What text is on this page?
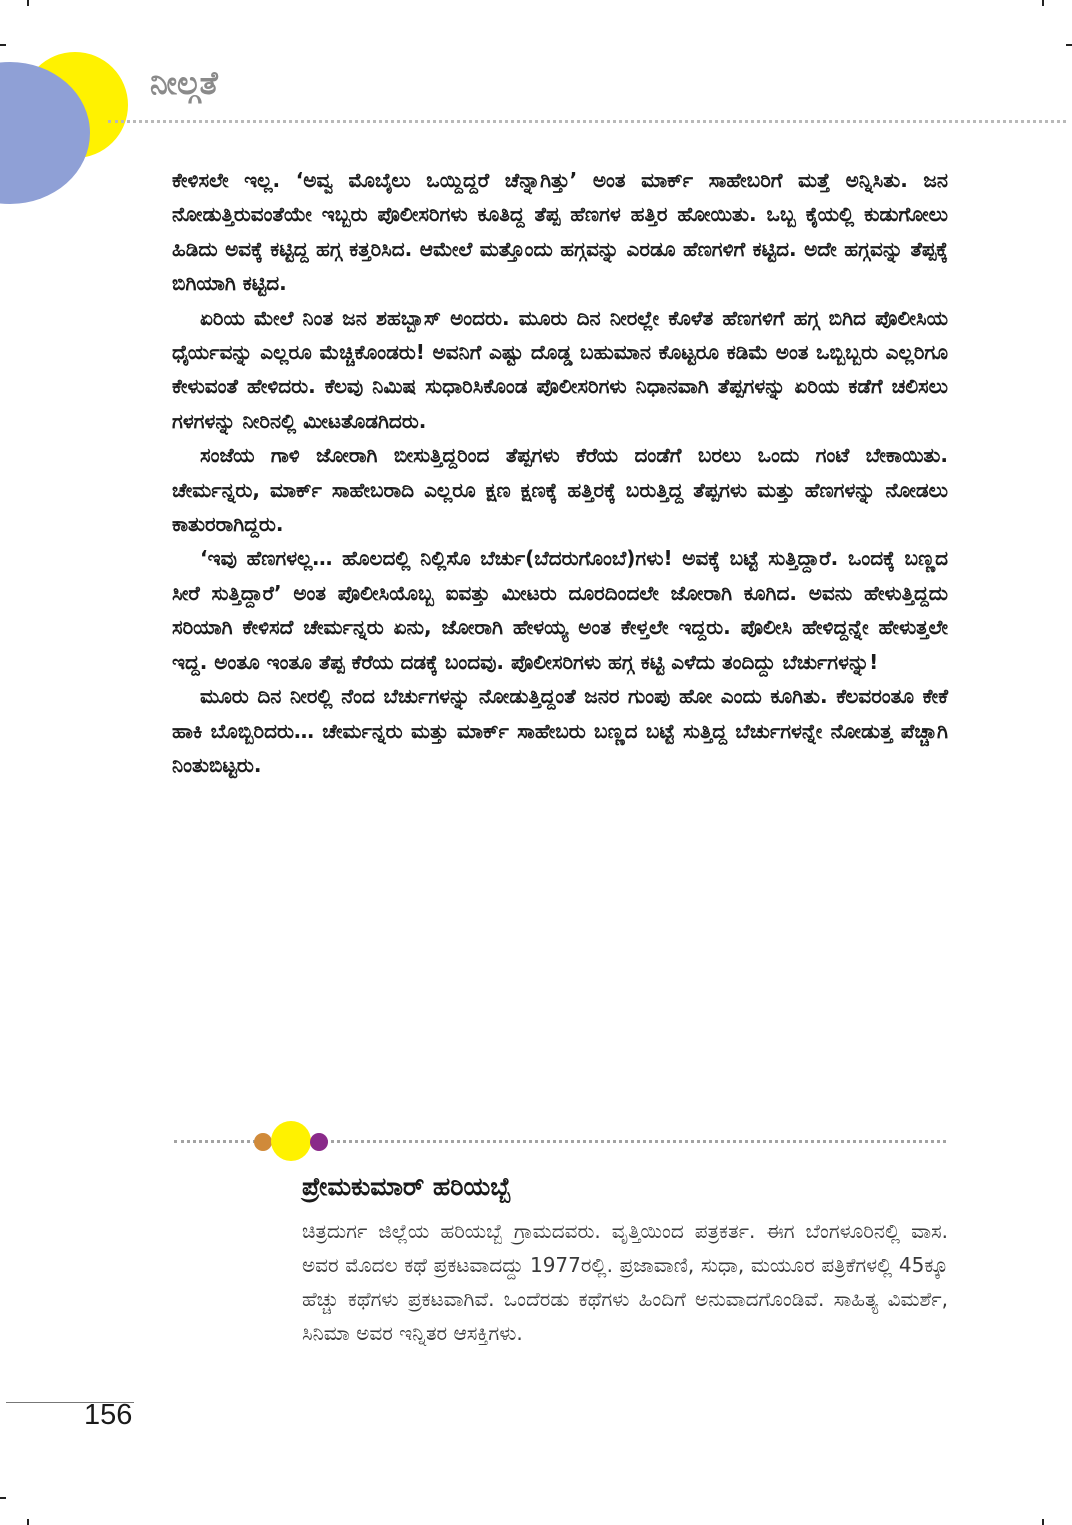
ನೀಲ್ಗತೆ

ಕೇಳಿಸಲೇ ಇಲ್ಲ. ‘ಅವ್ವ ಮೊಬೈಲು ಒಯ್ದಿದ್ದರೆ ಚೆನ್ನಾಗಿತ್ತು’ ಅಂತ ಮಾರ್ಕ್ ಸಾಹೇಬರಿಗೆ ಮತ್ತೆ ಅನ್ನಿಸಿತು. ಜನ ನೋಡುತ್ತಿರುವಂತೆಯೇ ಇಬ್ಬರು ಪೊಲೀಸರಿಗಳು ಕೂತಿದ್ದ ತೆಪ್ಪ ಹೆಣಗಳ ಹತ್ತಿರ ಹೋಯಿತು. ಒಬ್ಬ ಕೈಯಲ್ಲಿ ಕುಡುಗೋಲು ಹಿಡಿದು ಅವಕ್ಕೆ ಕಟ್ಟಿದ್ದ ಹಗ್ಗ ಕತ್ತರಿಸಿದ. ಆಮೇಲೆ ಮತ್ತೊಂದು ಹಗ್ಗವನ್ನು ಎರಡೂ ಹೆಣಗಳಿಗೆ ಕಟ್ಟಿದ. ಅದೇ ಹಗ್ಗವನ್ನು ತೆಪ್ಪಕ್ಕೆ ಬಿಗಿಯಾಗಿ ಕಟ್ಟಿದ.

ಏರಿಯ ಮೇಲೆ ನಿಂತ ಜನ ಶಹಬ್ಬಾಸ್ ಅಂದರು. ಮೂರು ದಿನ ನೀರಲ್ಲೇ ಕೊಳೆತ ಹೆಣಗಳಿಗೆ ಹಗ್ಗ ಬಿಗಿದ ಪೊಲೀಸಿಯ ಧೈರ್ಯವನ್ನು ಎಲ್ಲರೂ ಮೆಚ್ಚಿಕೊಂಡರು! ಅವನಿಗೆ ಎಷ್ಟು ದೊಡ್ಡ ಬಹುಮಾನ ಕೊಟ್ಟರೂ ಕಡಿಮೆ ಅಂತ ಒಬ್ಬಿಬ್ಬರು ಎಲ್ಲರಿಗೂ ಕೇಳುವಂತೆ ಹೇಳಿದರು. ಕೆಲವು ನಿಮಿಷ ಸುಧಾರಿಸಿಕೊಂಡ ಪೊಲೀಸರಿಗಳು ನಿಧಾನವಾಗಿ ತೆಪ್ಪಗಳನ್ನು ಏರಿಯ ಕಡೆಗೆ ಚಲಿಸಲು ಗಳಗಳನ್ನು ನೀರಿನಲ್ಲಿ ಮೀಟತೊಡಗಿದರು.

ಸಂಜೆಯ ಗಾಳಿ ಜೋರಾಗಿ ಬೀಸುತ್ತಿದ್ದರಿಂದ ತೆಪ್ಪಗಳು ಕೆರೆಯ ದಂಡೆಗೆ ಬರಲು ಒಂದು ಗಂಟೆ ಬೇಕಾಯಿತು. ಚೇರ್ಮನ್ನರು, ಮಾರ್ಕ್ ಸಾಹೇಬರಾದಿ ಎಲ್ಲರೂ ಕ್ಷಣ ಕ್ಷಣಕ್ಕೆ ಹತ್ತಿರಕ್ಕೆ ಬರುತ್ತಿದ್ದ ತೆಪ್ಪಗಳು ಮತ್ತು ಹೆಣಗಳನ್ನು ನೋಡಲು ಕಾತುರರಾಗಿದ್ದರು.

‘ಇವು ಹೆಣಗಳಲ್ಲ… ಹೊಲದಲ್ಲಿ ನಿಲ್ಲಿಸೊ ಬೆರ್ಚು(ಬೆದರುಗೊಂಬೆ)ಗಳು! ಅವಕ್ಕೆ ಬಟ್ಟೆ ಸುತ್ತಿದ್ದಾರೆ. ಒಂದಕ್ಕೆ ಬಣ್ಣದ ಸೀರೆ ಸುತ್ತಿದ್ದಾರೆ’ ಅಂತ ಪೊಲೀಸಿಯೊಬ್ಬ ಐವತ್ತು ಮೀಟರು ದೂರದಿಂದಲೇ ಜೋರಾಗಿ ಕೂಗಿದ. ಅವನು ಹೇಳುತ್ತಿದ್ದದು ಸರಿಯಾಗಿ ಕೇಳಿಸದೆ ಚೇರ್ಮನ್ನರು ಏನು, ಜೋರಾಗಿ ಹೇಳಯ್ಯ ಅಂತ ಕೇಳ್ತಲೇ ಇದ್ದರು. ಪೊಲೀಸಿ ಹೇಳಿದ್ದನ್ನೇ ಹೇಳುತ್ತಲೇ ಇದ್ದ. ಅಂತೂ ಇಂತೂ ತೆಪ್ಪ ಕೆರೆಯ ದಡಕ್ಕೆ ಬಂದವು. ಪೊಲೀಸರಿಗಳು ಹಗ್ಗ ಕಟ್ಟಿ ಎಳೆದು ತಂದಿದ್ದು ಬೆರ್ಚುಗಳನ್ನು!

ಮೂರು ದಿನ ನೀರಲ್ಲಿ ನೆಂದ ಬೆರ್ಚುಗಳನ್ನು ನೋಡುತ್ತಿದ್ದಂತೆ ಜನರ ಗುಂಪು ಹೋ ಎಂದು ಕೂಗಿತು. ಕೆಲವರಂತೂ ಕೇಕೆ ಹಾಕಿ ಬೊಬ್ಬಿರಿದರು… ಚೇರ್ಮನ್ನರು ಮತ್ತು ಮಾರ್ಕ್ ಸಾಹೇಬರು ಬಣ್ಣದ ಬಟ್ಟೆ ಸುತ್ತಿದ್ದ ಬೆರ್ಚುಗಳನ್ನೇ ನೋಡುತ್ತ ಪೆಚ್ಚಾಗಿ ನಿಂತುಬಿಟ್ಟರು.

ಪ್ರೇಮಕುಮಾರ್ ಹರಿಯಬ್ಬೆ

ಚಿತ್ರದುರ್ಗ ಜಿಲ್ಲೆಯ ಹರಿಯಬ್ಬೆ ಗ್ರಾಮದವರು. ವೃತ್ತಿಯಿಂದ ಪತ್ರಕರ್ತ. ಈಗ ಬೆಂಗಳೂರಿನಲ್ಲಿ ವಾಸ. ಅವರ ಮೊದಲ ಕಥೆ ಪ್ರಕಟವಾದದ್ದು 1977ರಲ್ಲಿ. ಪ್ರಜಾವಾಣಿ, ಸುಧಾ, ಮಯೂರ ಪತ್ರಿಕೆಗಳಲ್ಲಿ 45ಕ್ಕೂ ಹೆಚ್ಚು ಕಥೆಗಳು ಪ್ರಕಟವಾಗಿವೆ. ಒಂದೆರಡು ಕಥೆಗಳು ಹಿಂದಿಗೆ ಅನುವಾದಗೊಂಡಿವೆ. ಸಾಹಿತ್ಯ ವಿಮರ್ಶೆ, ಸಿನಿಮಾ ಅವರ ಇನ್ನಿತರ ಆಸಕ್ತಿಗಳು.

156
